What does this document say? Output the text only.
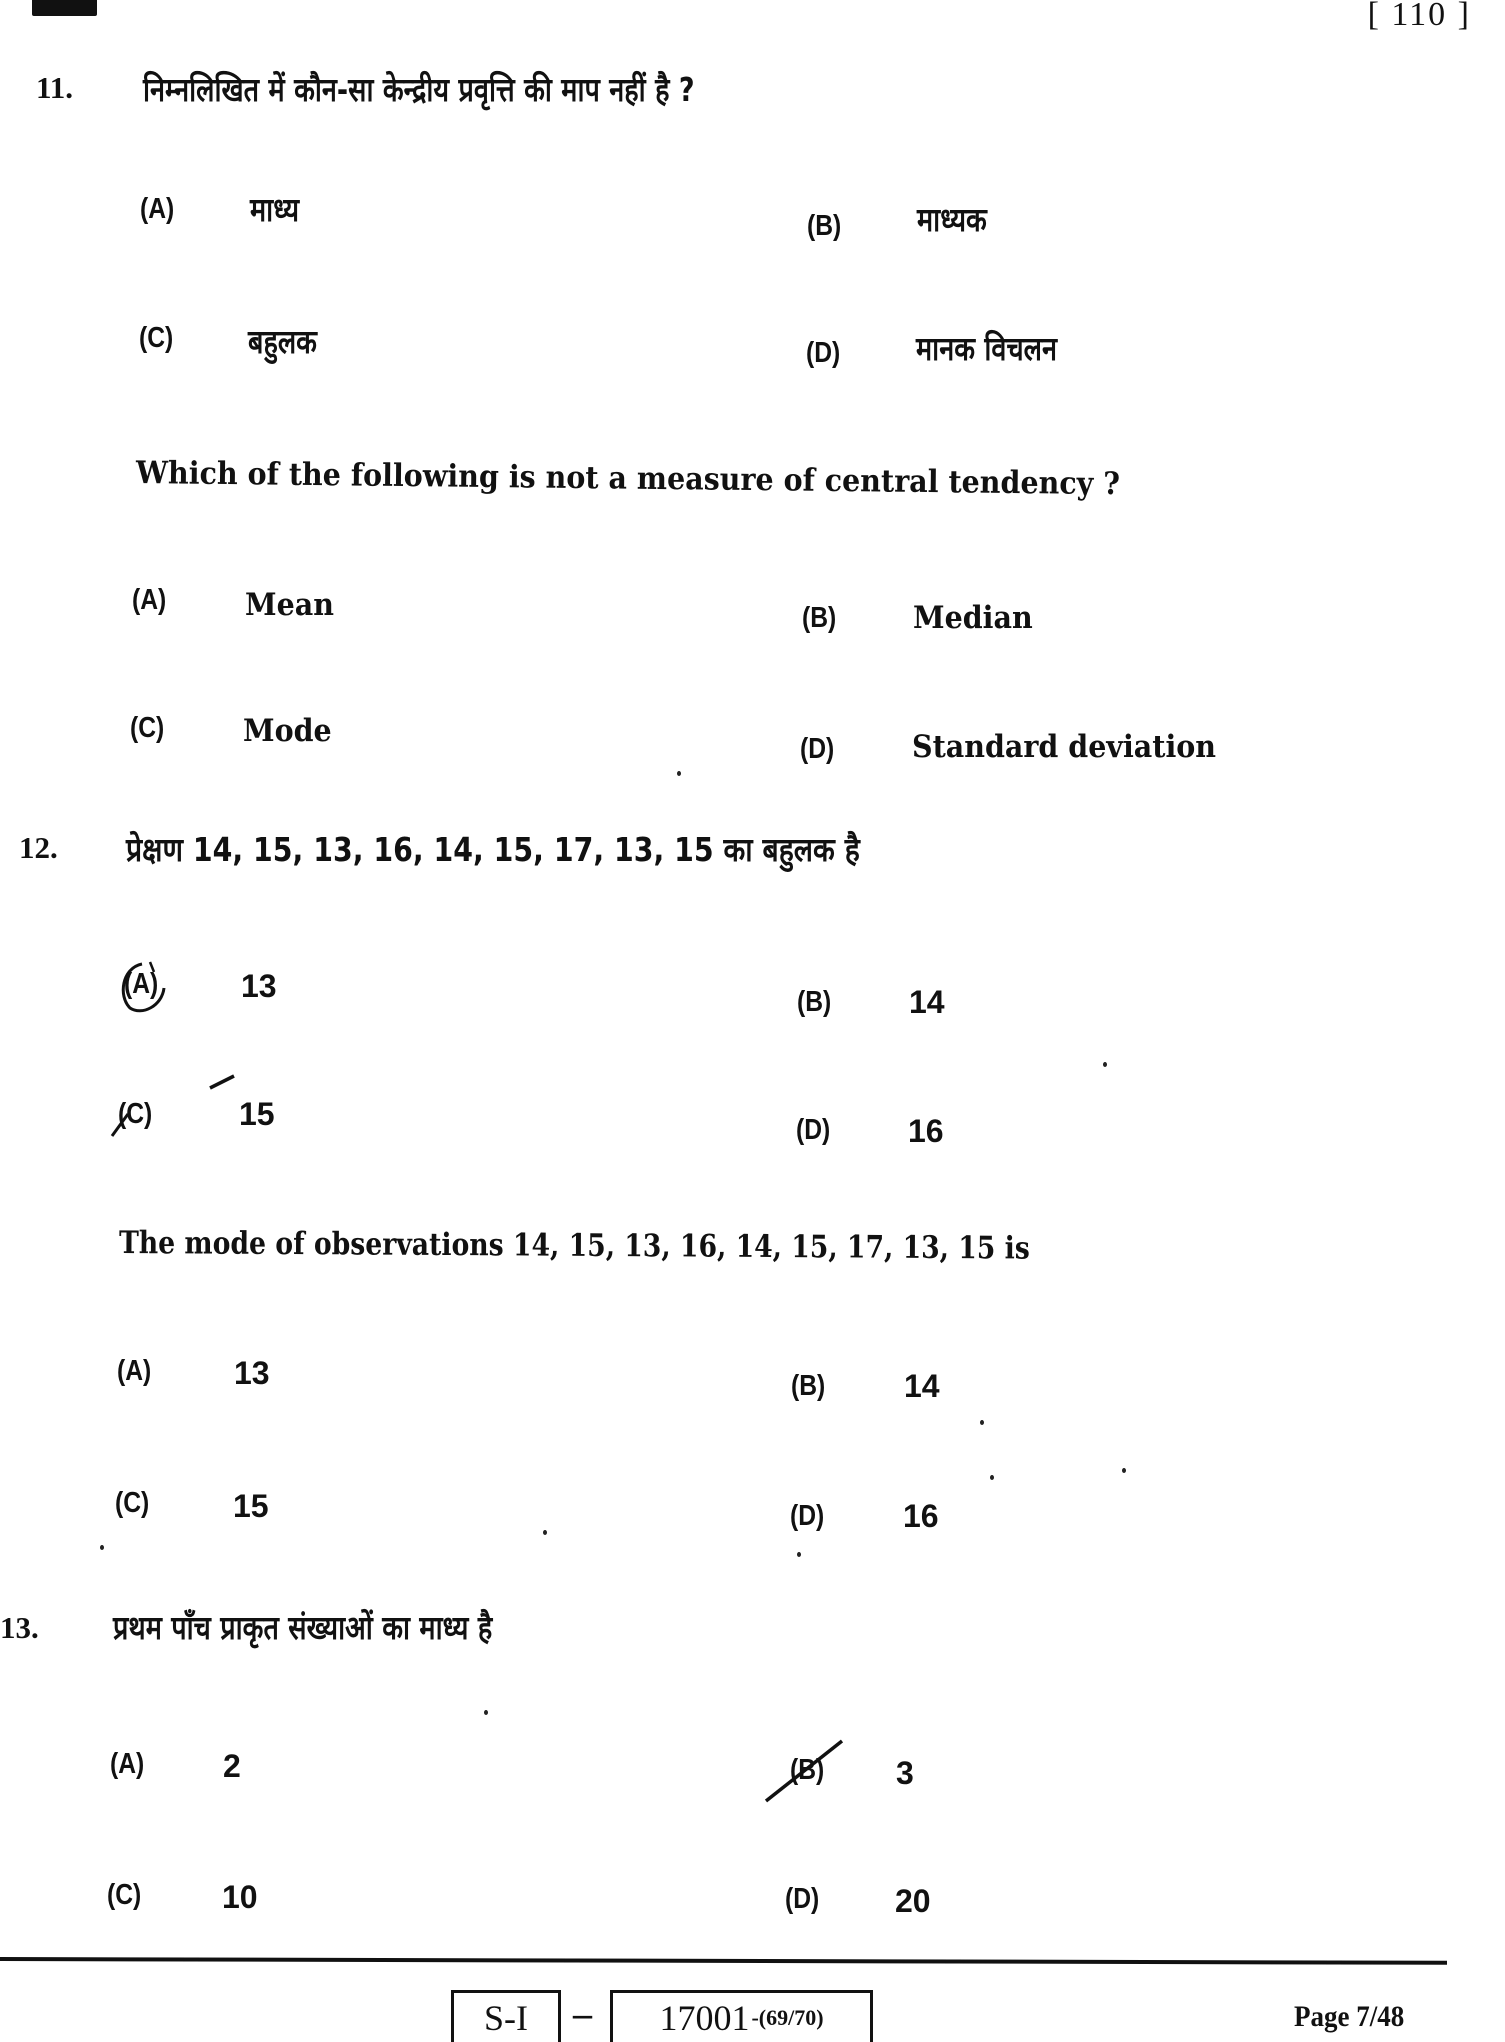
[ 110 ]
11. निम्नलिखित में कौन-सा केन्द्रीय प्रवृत्ति की माप नहीं है ?
(A) माध्य	(B) माध्यक
(C) बहुलक	(D) मानक विचलन
Which of the following is not a measure of central tendency ?
(A)	Mean	(B) Median
(C)	Mode	(D)	Standard deviation
12. प्रेक्षण 14, 15, 13, 16, 14, 15, 17, 13, 15 का बहुलक है
(A)	13	(B) 14
(C)	15	(D) 16
The mode of observations 14, 15, 13, 16, 14, 15, 17, 13, 15 is
(A)	13	(B) 14
(C)	15	(D) 16
13. प्रथम पाँच प्राकृत संख्याओं का माध्य है
(A) 2	(B) 3
(C)	10	(D) 20
S-I – 17001 -(69/70)	Page 7/48
